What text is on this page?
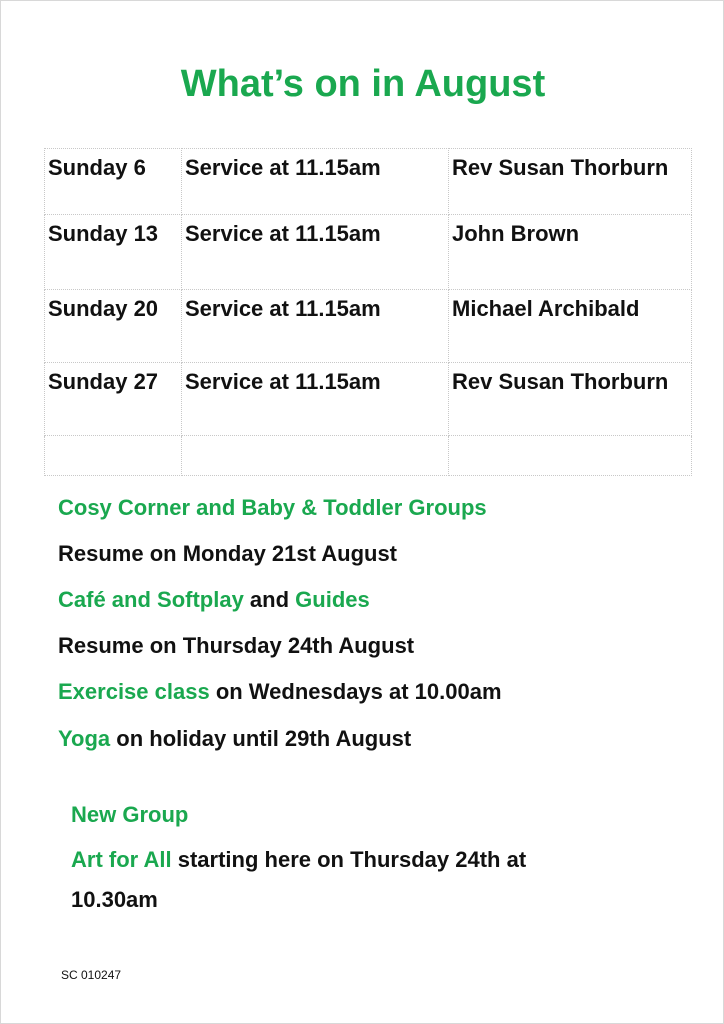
What’s on in August
Sunday 6	Service at 11.15am	Rev Susan Thorburn
Sunday 13	Service at 11.15am	John Brown
Sunday 20	Service at 11.15am	Michael Archibald
Sunday 27	Service at 11.15am	Rev Susan Thorburn

Cosy Corner and Baby & Toddler Groups

Resume on Monday 21st August

Café and Softplay and Guides

Resume on Thursday 24th August

Exercise class on Wednesdays at 10.00am

Yoga on holiday until 29th August

New Group

Art for All starting here on Thursday 24th at

10.30am

SC 010247
